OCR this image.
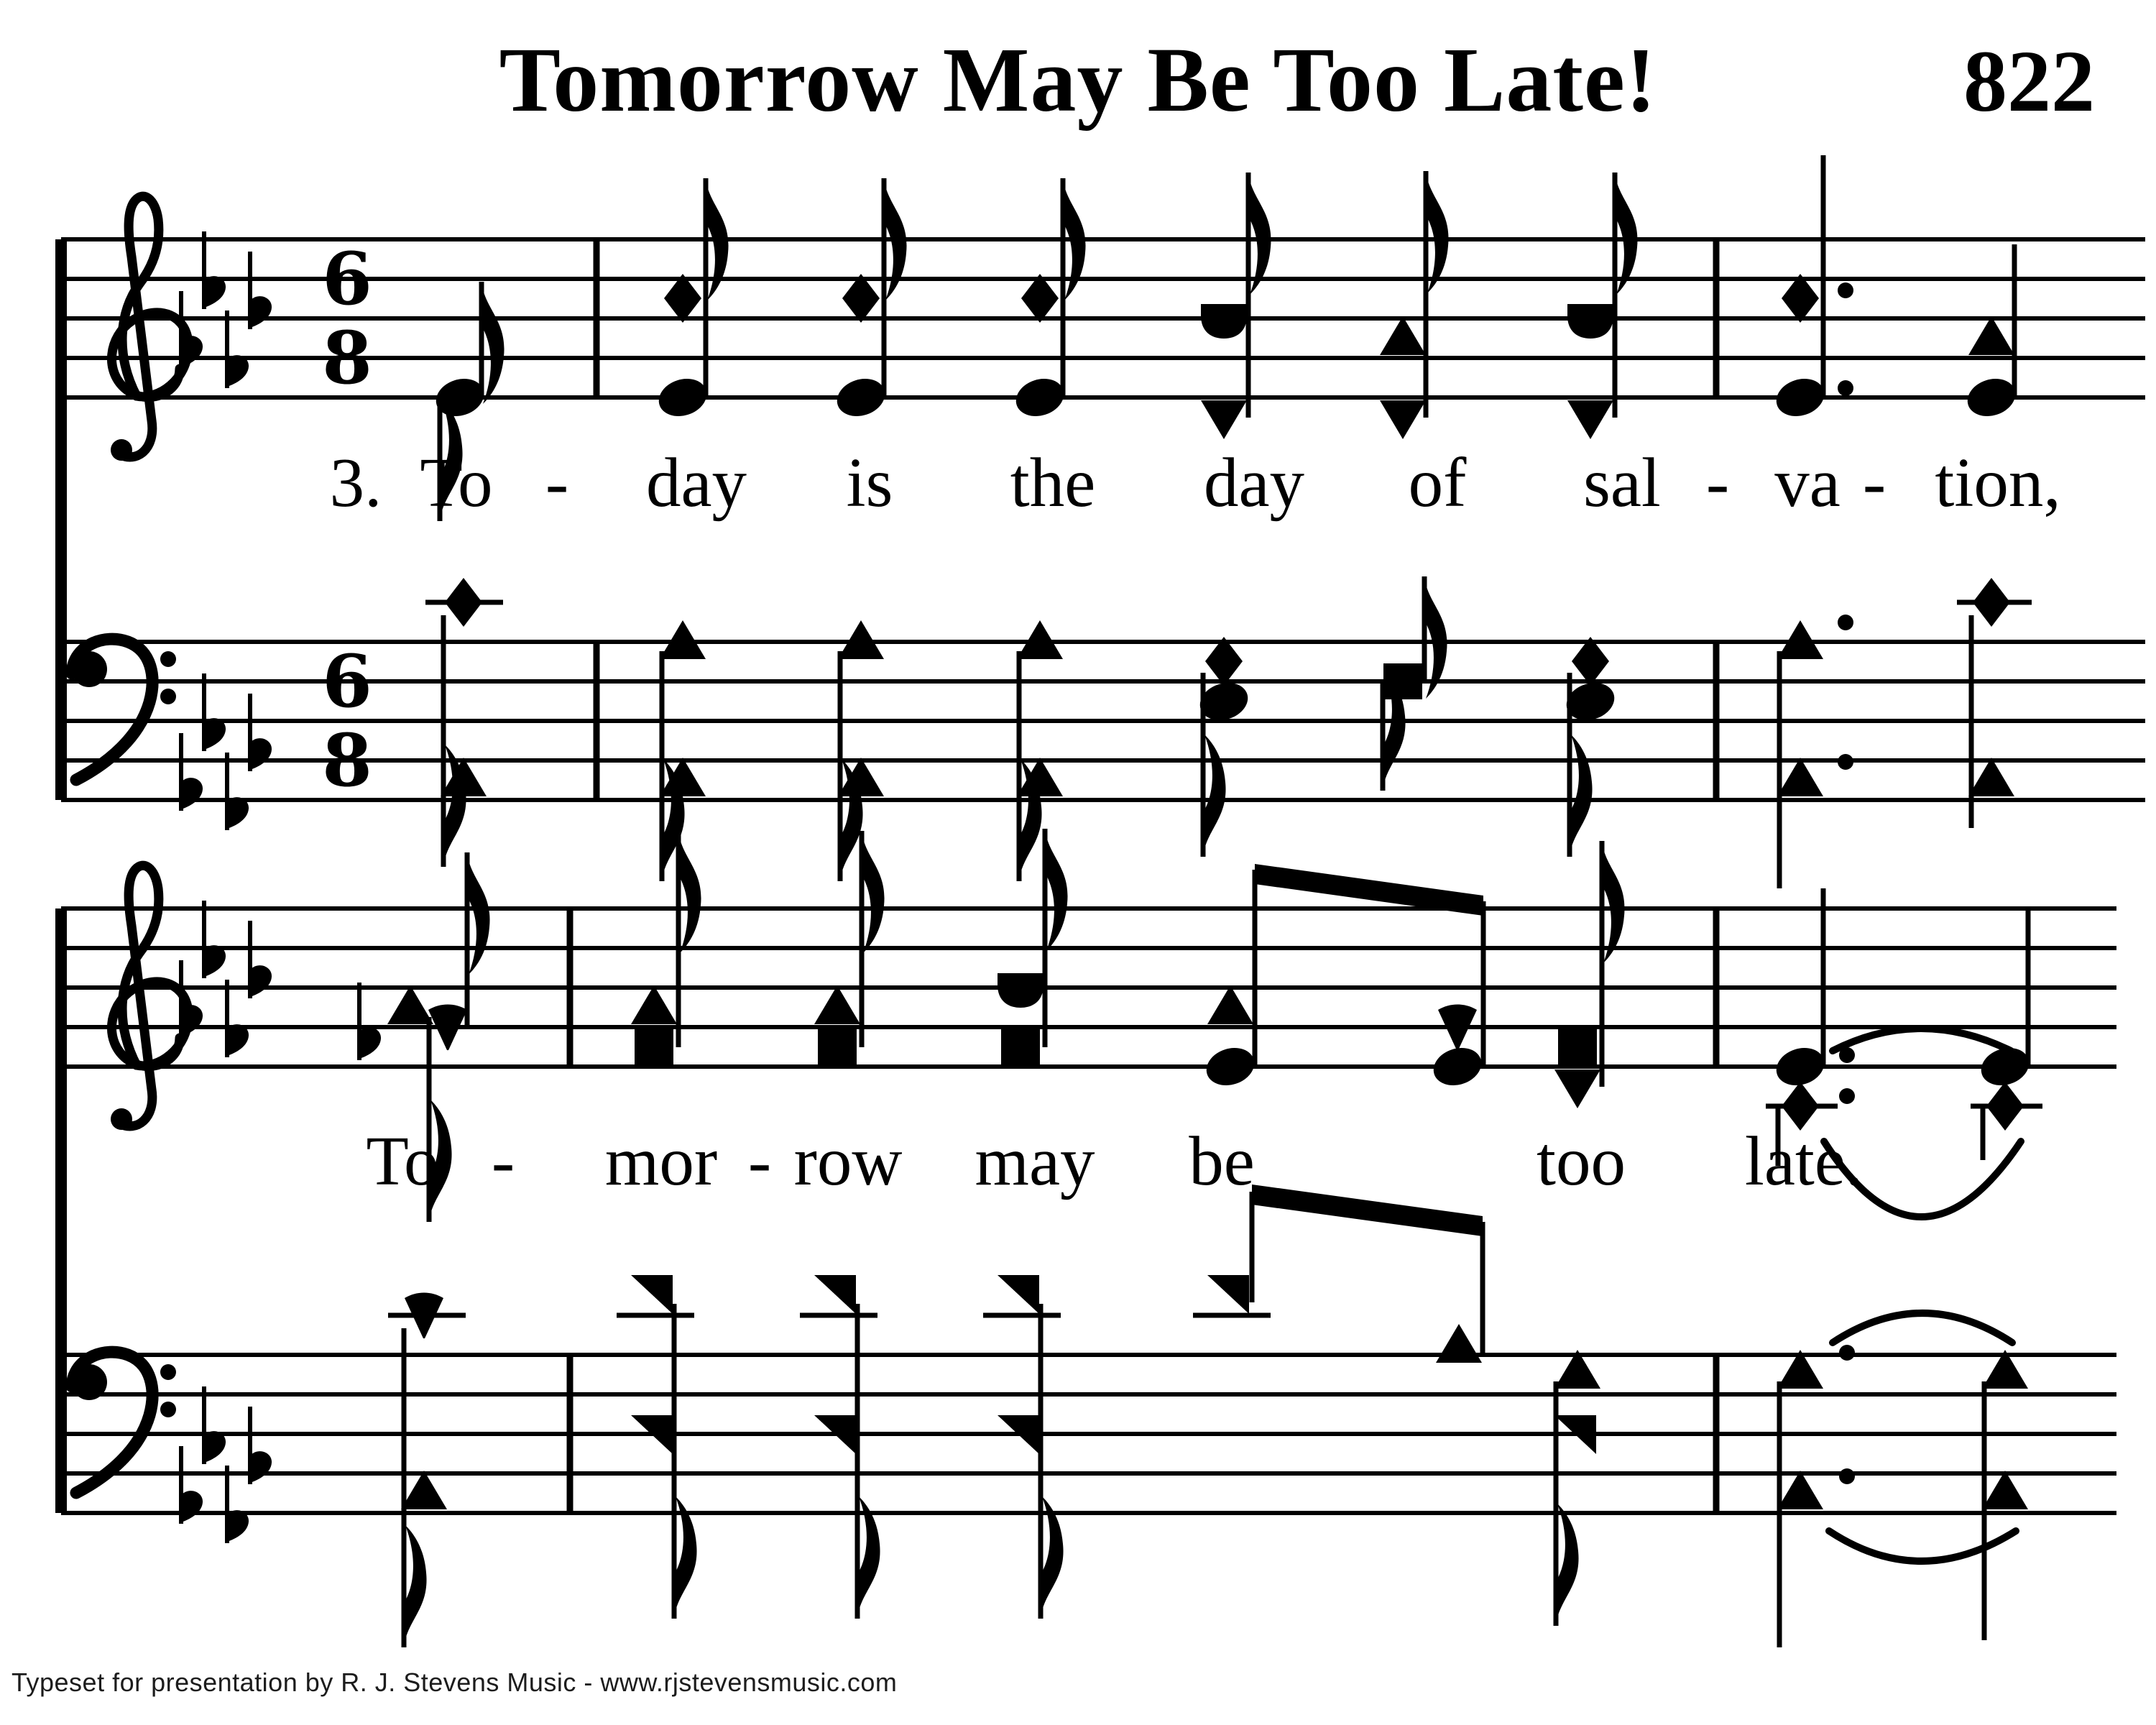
6
8
6
8
Tomorrow May Be Too Late!	822
3. To - day is the day of sal - va - tion,
To - mor - row may be	too late.
Typeset for presentation by R. J. Stevens Music - www.rjstevensmusic.com
